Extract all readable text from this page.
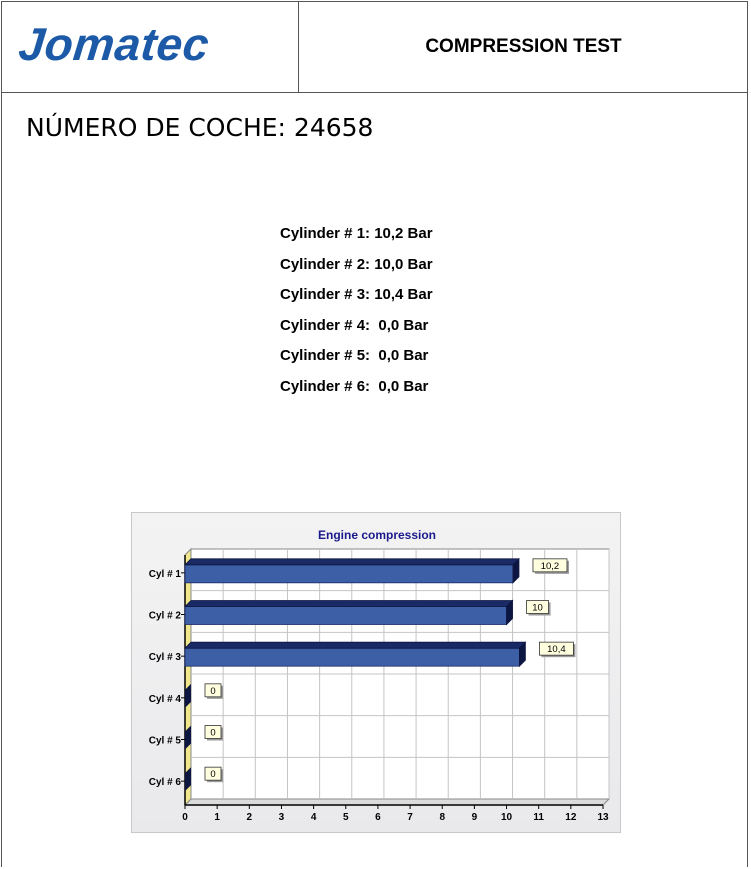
Jomatec	COMPRESSION TEST
NÚMERO DE COCHE: 24658
Cylinder # 1: 10,2 Bar
Cylinder # 2: 10,0 Bar
Cylinder # 3: 10,4 Bar
Cylinder # 4:  0,0 Bar
Cylinder # 5:  0,0 Bar
Cylinder # 6:  0,0 Bar
Engine compression
0	1	2	3	4	5	6	7	8	9 10 11 12 13
Cyl # 1
10,2
Cyl # 2
10
Cyl # 3
10,4
Cyl # 4
0
Cyl # 5
0
Cyl # 6
0
